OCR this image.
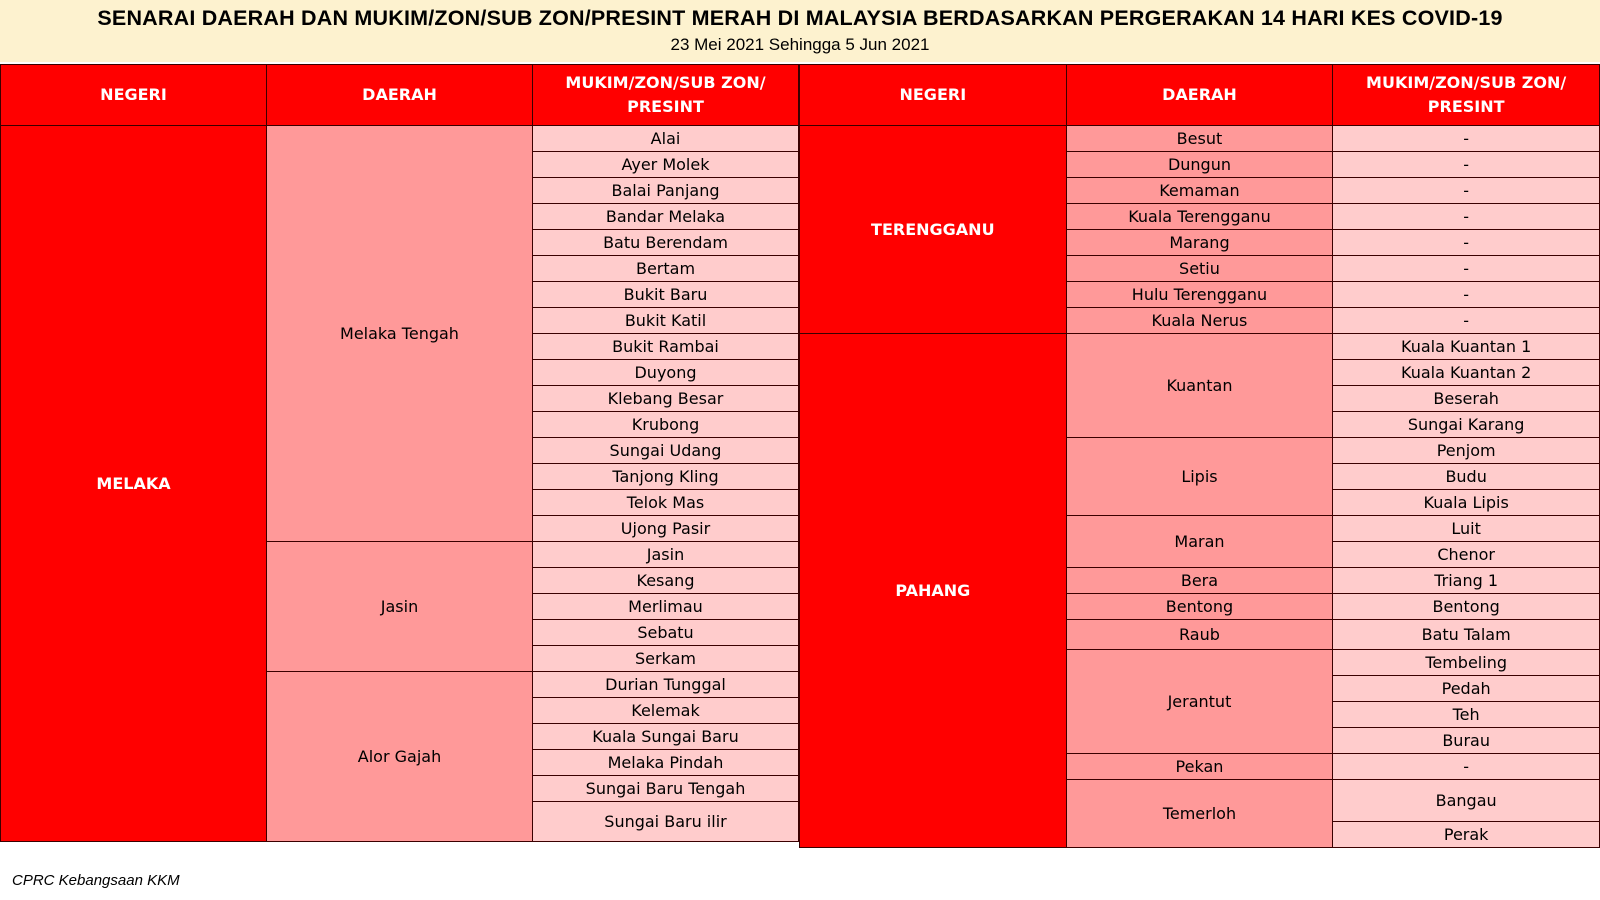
SENARAI DAERAH DAN MUKIM/ZON/SUB ZON/PRESINT MERAH DI MALAYSIA BERDASARKAN PERGERAKAN 14 HARI KES COVID-19
23 Mei 2021 Sehingga 5 Jun 2021
NEGERI	DAERAH	MUKIM/ZON/SUB ZON/ PRESINT
MELAKA	Melaka Tengah	Alai
		Ayer Molek
		Balai Panjang
		Bandar Melaka
		Batu Berendam
		Bertam
		Bukit Baru
		Bukit Katil
		Bukit Rambai
		Duyong
		Klebang Besar
		Krubong
		Sungai Udang
		Tanjong Kling
		Telok Mas
		Ujong Pasir
	Jasin	Jasin
		Kesang
		Merlimau
		Sebatu
		Serkam
	Alor Gajah	Durian Tunggal
		Kelemak
		Kuala Sungai Baru
		Melaka Pindah
		Sungai Baru Tengah
		Sungai Baru ilir
NEGERI	DAERAH	MUKIM/ZON/SUB ZON/ PRESINT
TERENGGANU	Besut	-
	Dungun	-
	Kemaman	-
	Kuala Terengganu	-
	Marang	-
	Setiu	-
	Hulu Terengganu	-
	Kuala Nerus	-
PAHANG	Kuantan	Kuala Kuantan 1
		Kuala Kuantan 2
		Beserah
		Sungai Karang
	Lipis	Penjom
		Budu
		Kuala Lipis
	Maran	Luit
		Chenor
	Bera	Triang 1
	Bentong	Bentong
	Raub	Batu Talam
	Jerantut	Tembeling
		Pedah
		Teh
		Burau
	Pekan	-
	Temerloh	Bangau
		Perak
CPRC Kebangsaan KKM
